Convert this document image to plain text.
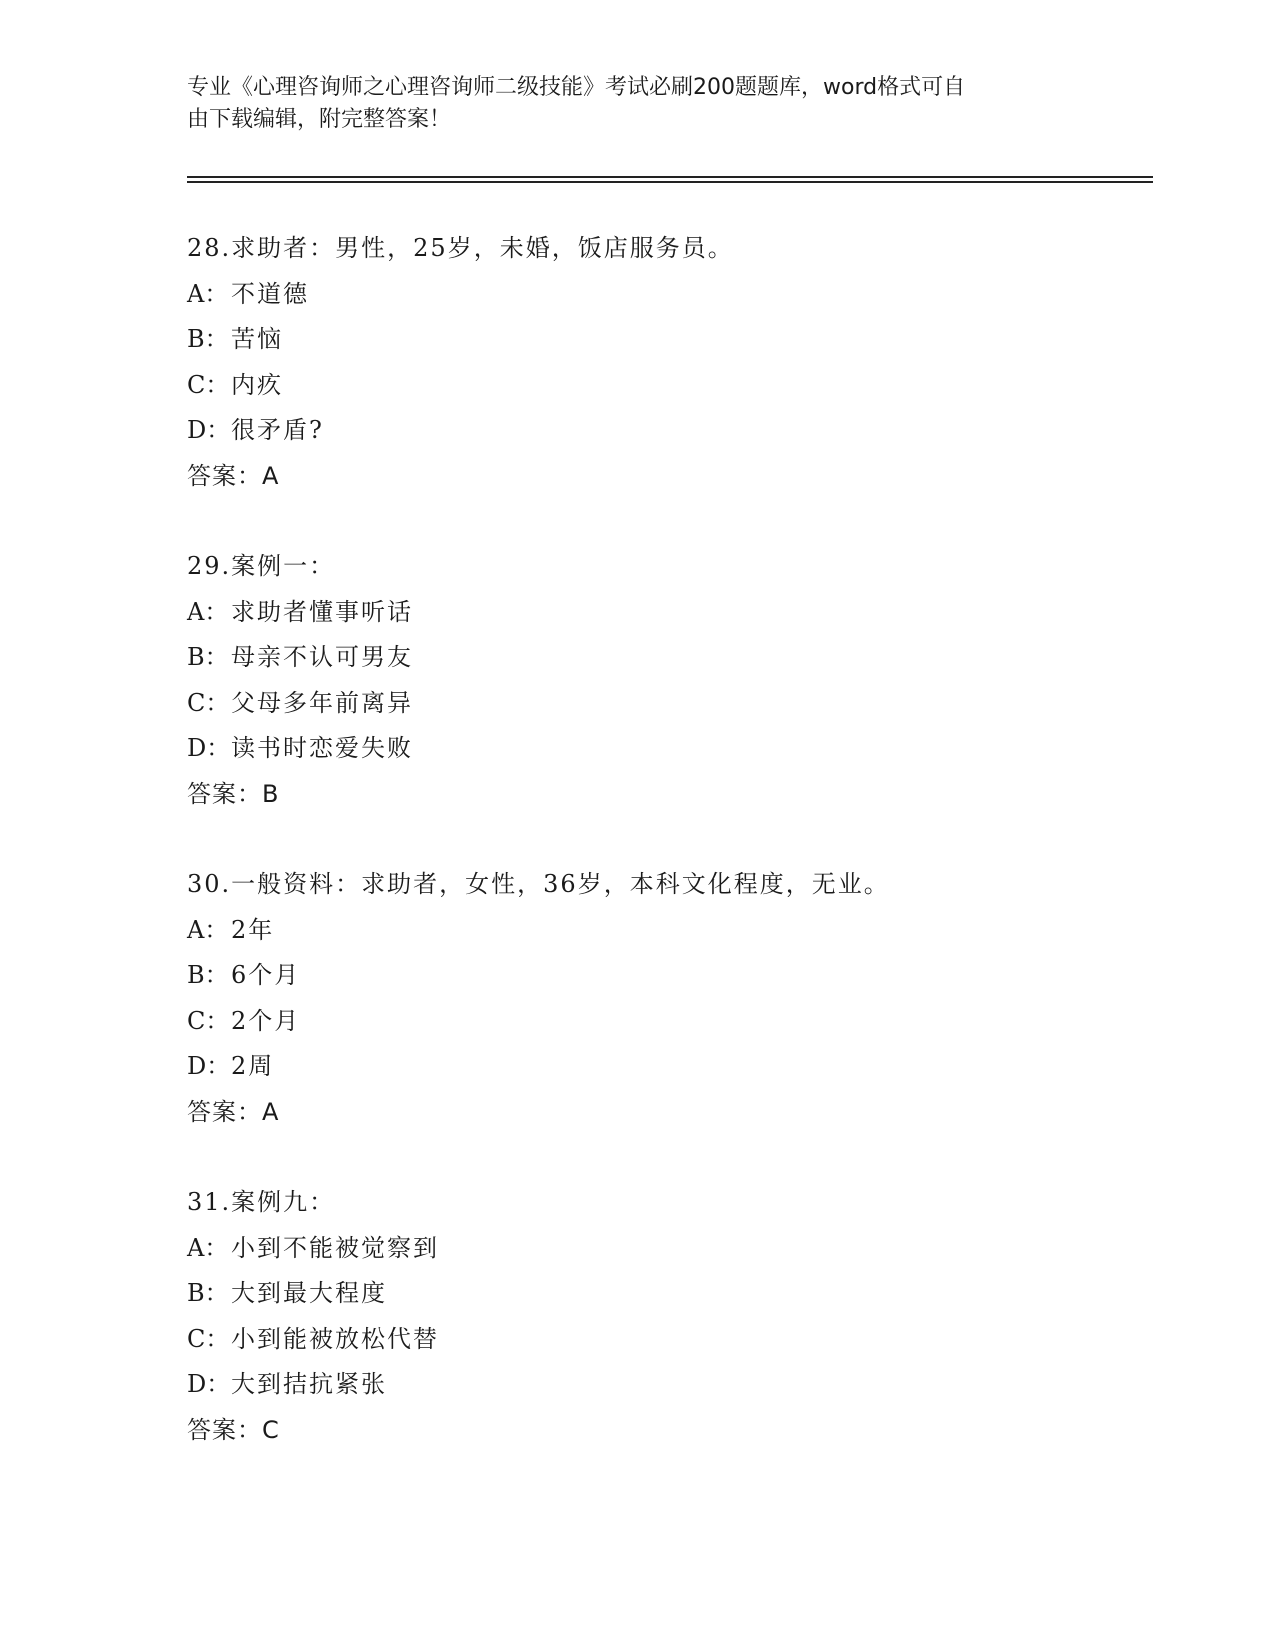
专业《心理咨询师之心理咨询师二级技能》考试必刷200题题库，word格式可自
由下载编辑，附完整答案！
28.求助者：男性，25岁，未婚，饭店服务员。
A： 不道德
B：苦恼
C：内疚
D：很矛盾?
答案：A
29.案例一：
A： 求助者懂事听话
B：母亲不认可男友
C：父母多年前离异
D：读书时恋爱失败
答案：B
30.一般资料：求助者，女性，36岁，本科文化程度，无业。
A： 2年
B：6个月
C：2个月
D：2周
答案：A
31.案例九：
A： 小到不能被觉察到
B：大到最大程度
C：小到能被放松代替
D：大到拮抗紧张
答案：C
